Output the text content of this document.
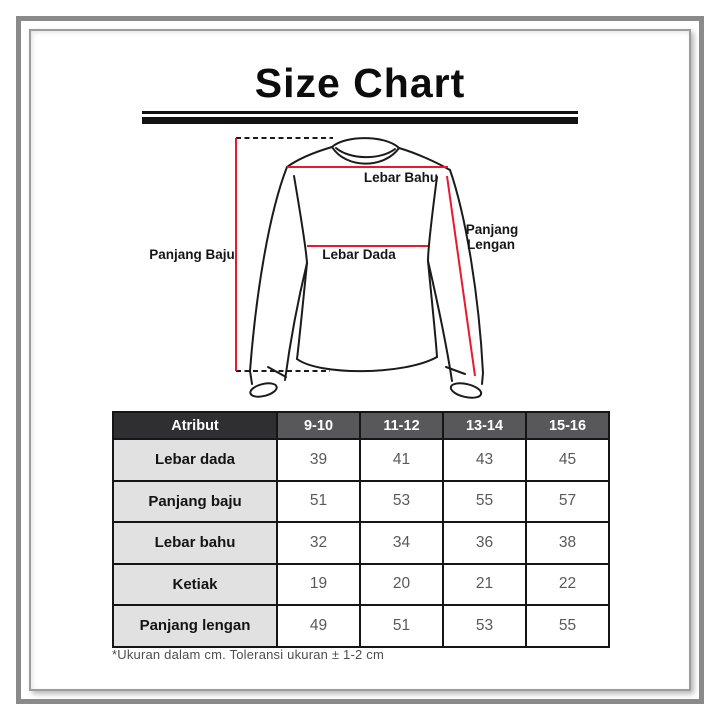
Size Chart
Panjang Baju
Lebar Bahu
Lebar Dada
Panjang
Lengan
Atribut	9-10	11-12	13-14	15-16
Lebar dada	39	41	43	45
Panjang baju	51	53	55	57
Lebar bahu	32	34	36	38
Ketiak	19	20	21	22
Panjang lengan	49	51	53	55
*Ukuran dalam cm. Toleransi ukuran ± 1-2 cm
